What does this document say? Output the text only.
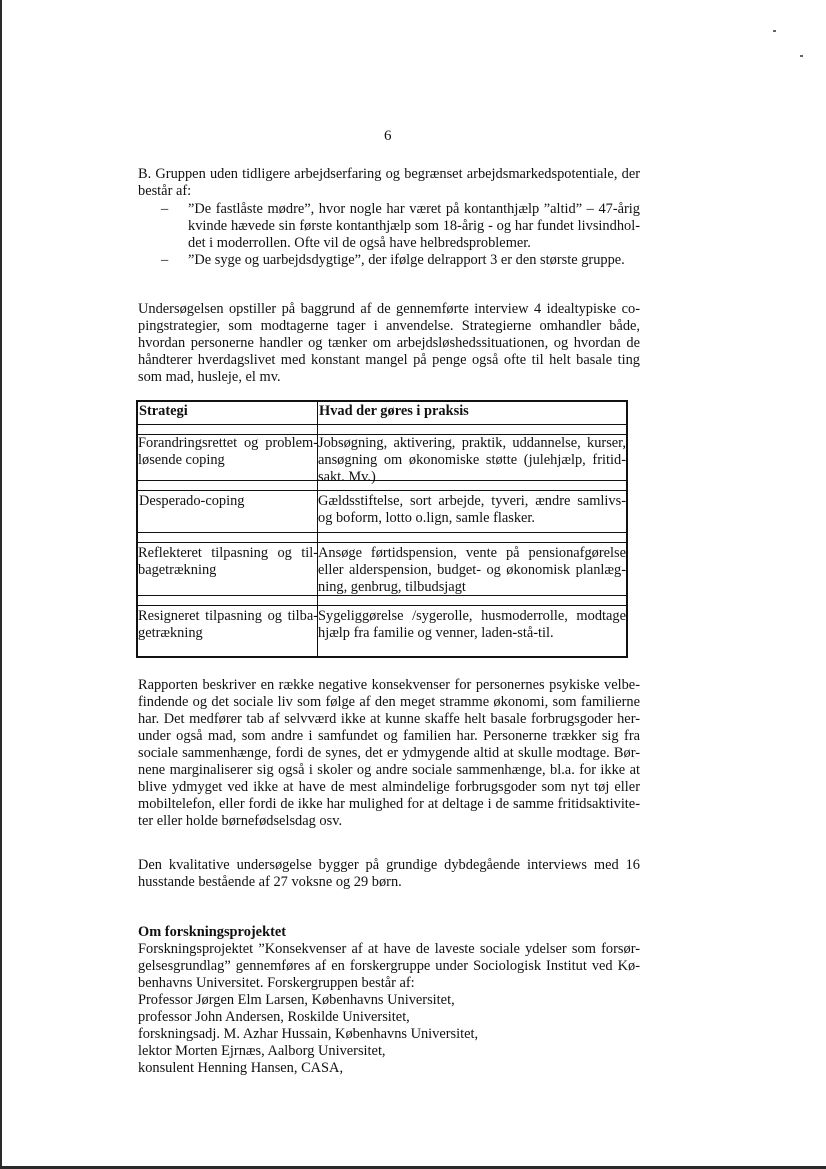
6
B. Gruppen uden tidligere arbejdserfaring og begrænset arbejdsmarkedspotentiale, der
består af:
– ”De fastlåste mødre”, hvor nogle har været på kontanthjælp ”altid” – 47-årig
kvinde hævede sin første kontanthjælp som 18-årig - og har fundet livsindhol-
det i moderrollen. Ofte vil de også have helbredsproblemer.
– ”De syge og uarbejdsdygtige”, der ifølge delrapport 3 er den største gruppe.
Undersøgelsen opstiller på baggrund af de gennemførte interview 4 idealtypiske co-
pingstrategier, som modtagerne tager i anvendelse. Strategierne omhandler både,
hvordan personerne handler og tænker om arbejdsløshedssituationen, og hvordan de
håndterer hverdagslivet med konstant mangel på penge også ofte til helt basale ting
som mad, husleje, el mv.
Strategi	Hvad der gøres i praksis
Forandringsrettet og problem-
løsende coping
Jobsøgning, aktivering, praktik, uddannelse, kurser,
ansøgning om økonomiske støtte (julehjælp, fritid-
sakt. Mv.)
Desperado-coping	Gældsstiftelse, sort arbejde, tyveri, ændre samlivs-
og boform, lotto o.lign, samle flasker.
Reflekteret tilpasning og til-
bagetrækning
Ansøge førtidspension, vente på pensionafgørelse
eller alderspension, budget- og økonomisk planlæg-
ning, genbrug, tilbudsjagt
Resigneret tilpasning og tilba-
getrækning
Sygeliggørelse /sygerolle, husmoderrolle, modtage
hjælp fra familie og venner, laden-stå-til.
Rapporten beskriver en række negative konsekvenser for personernes psykiske velbe-
findende og det sociale liv som følge af den meget stramme økonomi, som familierne
har. Det medfører tab af selvværd ikke at kunne skaffe helt basale forbrugsgoder her-
under også mad, som andre i samfundet og familien har. Personerne trækker sig fra
sociale sammenhænge, fordi de synes, det er ydmygende altid at skulle modtage. Bør-
nene marginaliserer sig også i skoler og andre sociale sammenhænge, bl.a. for ikke at
blive ydmyget ved ikke at have de mest almindelige forbrugsgoder som nyt tøj eller
mobiltelefon, eller fordi de ikke har mulighed for at deltage i de samme fritidsaktivite-
ter eller holde børnefødselsdag osv.
Den kvalitative undersøgelse bygger på grundige dybdegående interviews med 16
husstande bestående af 27 voksne og 29 børn.
Om forskningsprojektet
Forskningsprojektet ”Konsekvenser af at have de laveste sociale ydelser som forsør-
gelsesgrundlag” gennemføres af en forskergruppe under Sociologisk Institut ved Kø-
benhavns Universitet. Forskergruppen består af:
Professor Jørgen Elm Larsen, Københavns Universitet,
professor John Andersen, Roskilde Universitet,
forskningsadj. M. Azhar Hussain, Københavns Universitet,
lektor Morten Ejrnæs, Aalborg Universitet,
konsulent Henning Hansen, CASA,
